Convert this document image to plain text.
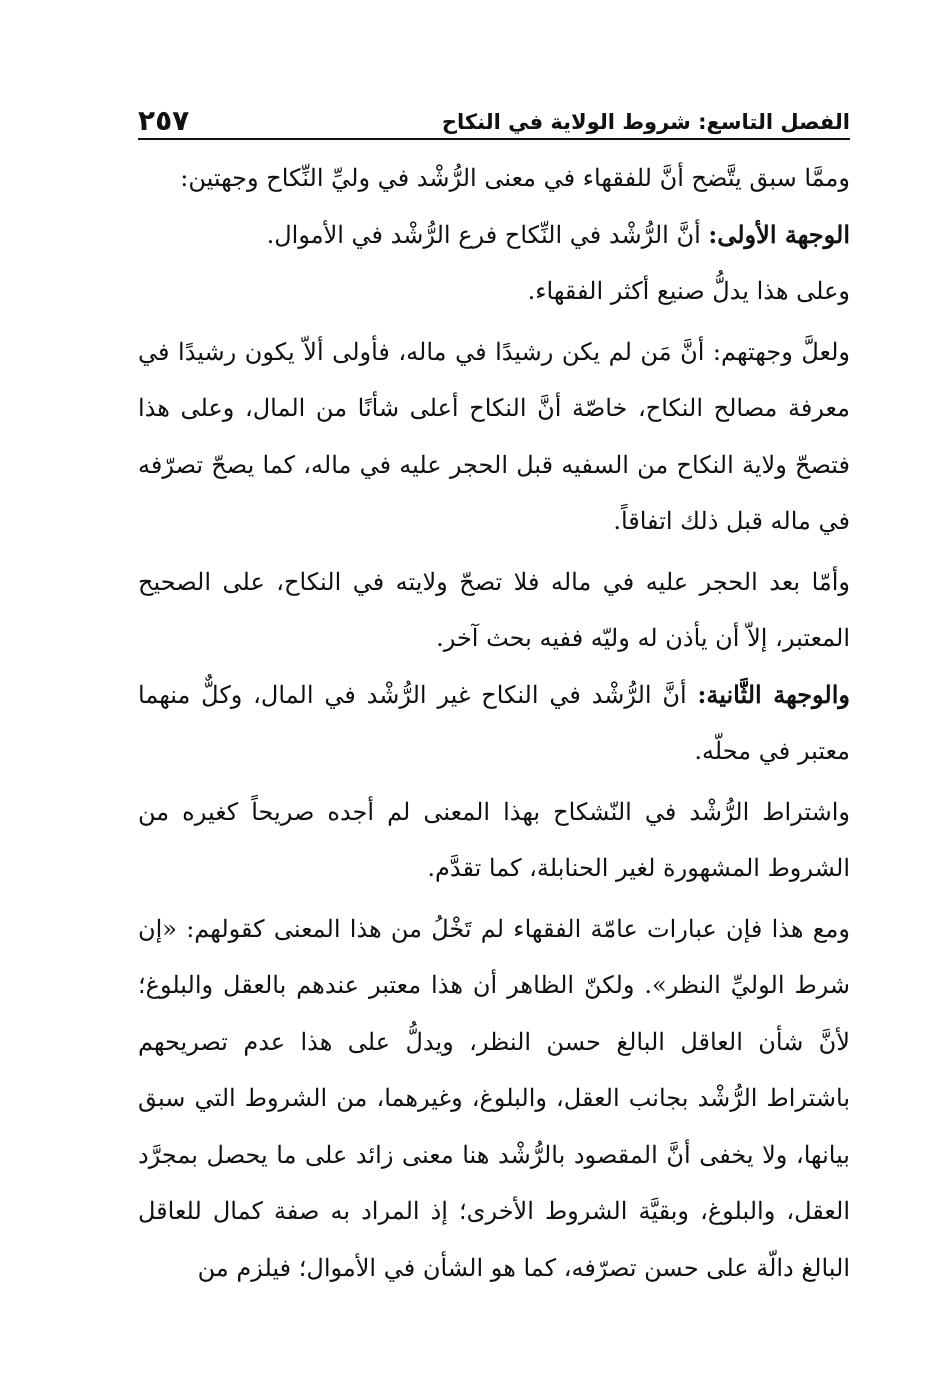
الفصل التاسع: شروط الولاية في النكاح
٢٥٧

وممَّا سبق يتَّضح أنَّ للفقهاء في معنى الرُّشْد في وليِّ النِّكاح وجهتين:

الوجهة الأولى: أنَّ الرُّشْد في النِّكاح فرع الرُّشْد في الأموال.

وعلى هذا يدلُّ صنيع أكثر الفقهاء.

ولعلَّ وجهتهم: أنَّ مَن لم يكن رشيدًا في ماله، فأولى ألاّ يكون رشيدًا في معرفة مصالح النكاح، خاصّة أنَّ النكاح أعلى شأنًا من المال، وعلى هذا فتصحّ ولاية النكاح من السفيه قبل الحجر عليه في ماله، كما يصحّ تصرّفه في ماله قبل ذلك اتفاقاً.

وأمّا بعد الحجر عليه في ماله فلا تصحّ ولايته في النكاح، على الصحيح المعتبر، إلاّ أن يأذن له وليّه ففيه بحث آخر.

والوجهة الثَّانية: أنَّ الرُّشْد في النكاح غير الرُّشْد في المال، وكلٌّ منهما معتبر في محلّه.

واشتراط الرُّشْد في النّشكاح بهذا المعنى لم أجده صريحاً كغيره من الشروط المشهورة لغير الحنابلة، كما تقدَّم.

ومع هذا فإن عبارات عامّة الفقهاء لم تَخْلُ من هذا المعنى كقولهم: «إن شرط الوليِّ النظر». ولكنّ الظاهر أن هذا معتبر عندهم بالعقل والبلوغ؛ لأنَّ شأن العاقل البالغ حسن النظر، ويدلُّ على هذا عدم تصريحهم باشتراط الرُّشْد بجانب العقل، والبلوغ، وغيرهما، من الشروط التي سبق بيانها، ولا يخفى أنَّ المقصود بالرُّشْد هنا معنى زائد على ما يحصل بمجرَّد العقل، والبلوغ، وبقيَّة الشروط الأخرى؛ إذ المراد به صفة كمال للعاقل البالغ دالّة على حسن تصرّفه، كما هو الشأن في الأموال؛ فيلزم من
